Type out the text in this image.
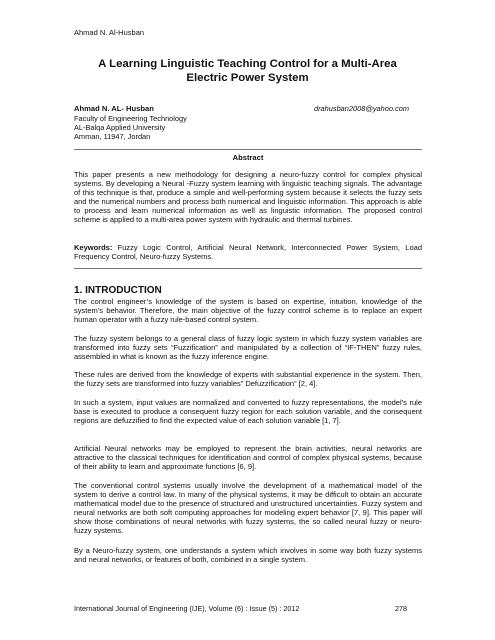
Ahmad N. Al-Husban
A Learning Linguistic Teaching Control for a Multi-Area
Electric Power System
Ahmad N. AL- Husban	drahusban2008@yahoo.com
Faculty of Engineering Technology
AL-Balqa Applied University
Amman, 11947, Jordan
Abstract

This paper presents a new methodology for designing a neuro-fuzzy control for complex physical systems. By developing a Neural -Fuzzy system learning with linguistic teaching signals. The advantage of this technique is that, produce a simple and well-performing system because it selects the fuzzy sets and the numerical numbers and process both numerical and linguistic information. This approach is able to process and learn numerical information as well as linguistic information. The proposed control scheme is applied to a multi-area power system with hydraulic and thermal turbines.

Keywords: Fuzzy Logic Control, Artificial Neural Network, Interconnected Power System, Load Frequency Control, Neuro-fuzzy Systems.

1. INTRODUCTION

The control engineer’s knowledge of the system is based on expertise, intuition, knowledge of the system’s behavior. Therefore, the main objective of the fuzzy control scheme is to replace an expert human operator with a fuzzy rule-based control system.

The fuzzy system belongs to a general class of fuzzy logic system in which fuzzy system variables are transformed into fuzzy sets “Fuzzification” and manipulated by a collection of “IF-THEN” fuzzy rules, assembled in what is known as the fuzzy inference engine.

These rules are derived from the knowledge of experts with substantial experience in the system. Then, the fuzzy sets are transformed into fuzzy variables” Defuzzification” [2, 4].

In such a system, input values are normalized and converted to fuzzy representations, the model’s rule base is executed to produce a consequent fuzzy region for each solution variable, and the consequent regions are defuzzified to find the expected value of each solution variable [1, 7].

Artificial Neural networks may be employed to represent the brain activities, neural networks are attractive to the classical techniques for identification and control of complex physical systems, because of their ability to learn and approximate functions [6, 9].

The conventional control systems usually involve the development of a mathematical model of the system to derive a control law. In many of the physical systems, it may be difficult to obtain an accurate mathematical model due to the presence of structured and unstructured uncertainties. Fuzzy system and neural networks are both soft computing approaches for modeling expert behavior [7, 9]. This paper will show those combinations of neural networks with fuzzy systems, the so called neural fuzzy or neuro-fuzzy systems.

By a Neuro-fuzzy system, one understands a system which involves in some way both fuzzy systems and neural networks, or features of both, combined in a single system.

International Journal of Engineering (IJE), Volume (6) : Issue (5) : 2012	278
